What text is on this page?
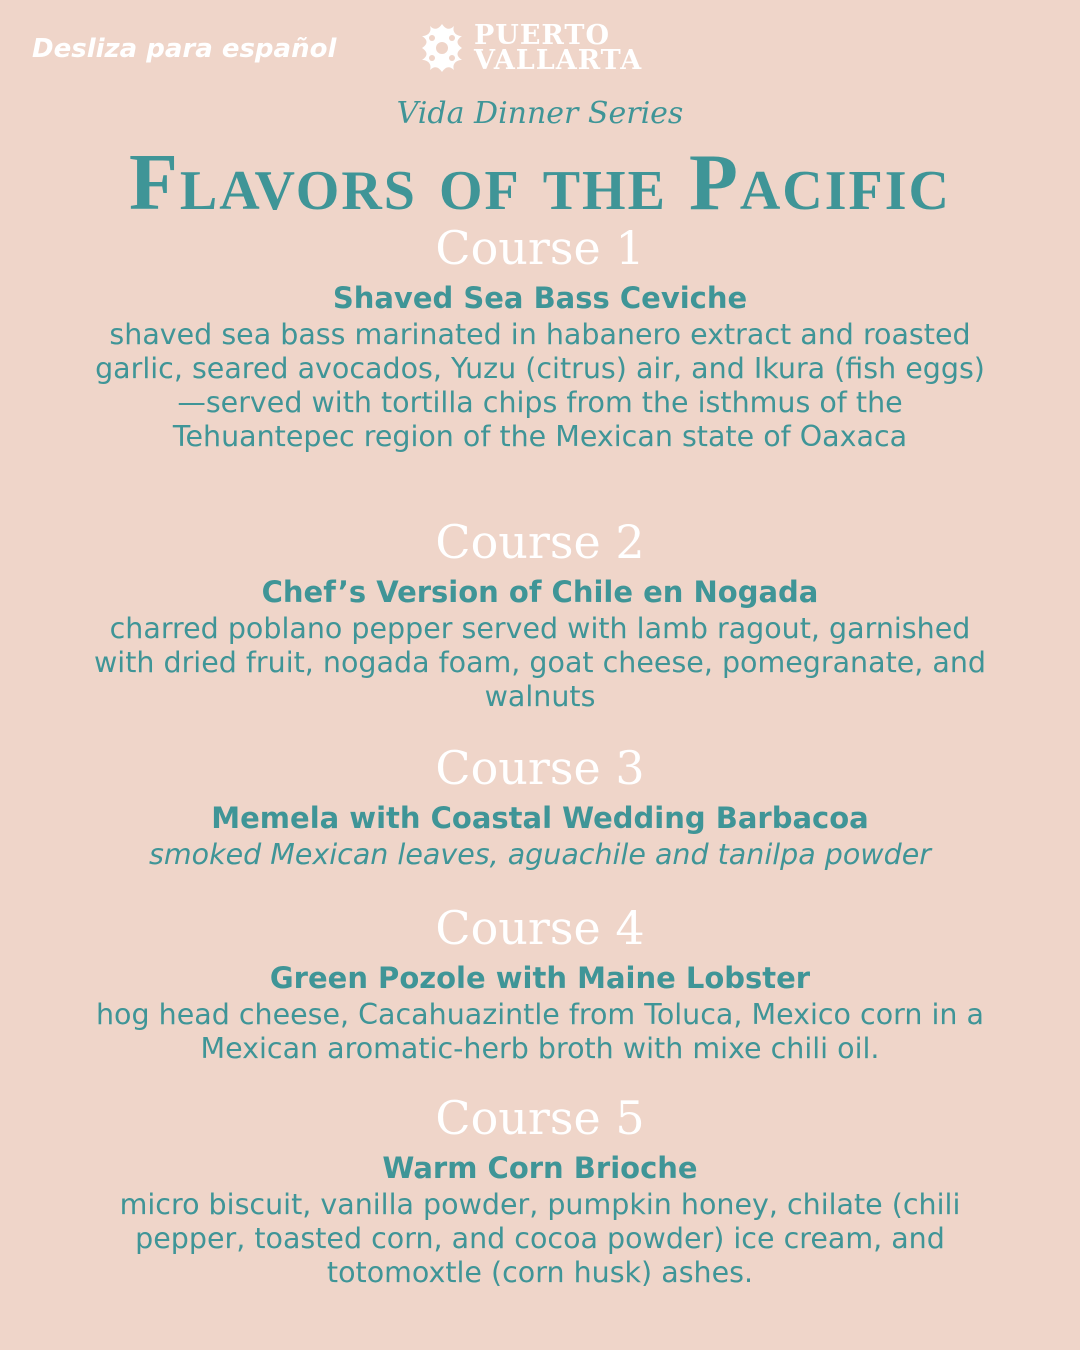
Desliza para español	PUERTO
VALLARTA
Vida Dinner Series
Flavors of the Pacific
Course 1
Shaved Sea Bass Ceviche
shaved sea bass marinated in habanero extract and roasted garlic, seared avocados, Yuzu (citrus) air, and Ikura (fish eggs)—served with tortilla chips from the isthmus of the Tehuantepec region of the Mexican state of Oaxaca
Course 2
Chef’s Version of Chile en Nogada
charred poblano pepper served with lamb ragout, garnished with dried fruit, nogada foam, goat cheese, pomegranate, and walnuts
Course 3
Memela with Coastal Wedding Barbacoa
smoked Mexican leaves, aguachile and tanilpa powder
Course 4
Green Pozole with Maine Lobster
hog head cheese, Cacahuazintle from Toluca, Mexico corn in a Mexican aromatic-herb broth with mixe chili oil.
Course 5
Warm Corn Brioche
micro biscuit, vanilla powder, pumpkin honey, chilate (chili pepper, toasted corn, and cocoa powder) ice cream, and totomoxtle (corn husk) ashes.
